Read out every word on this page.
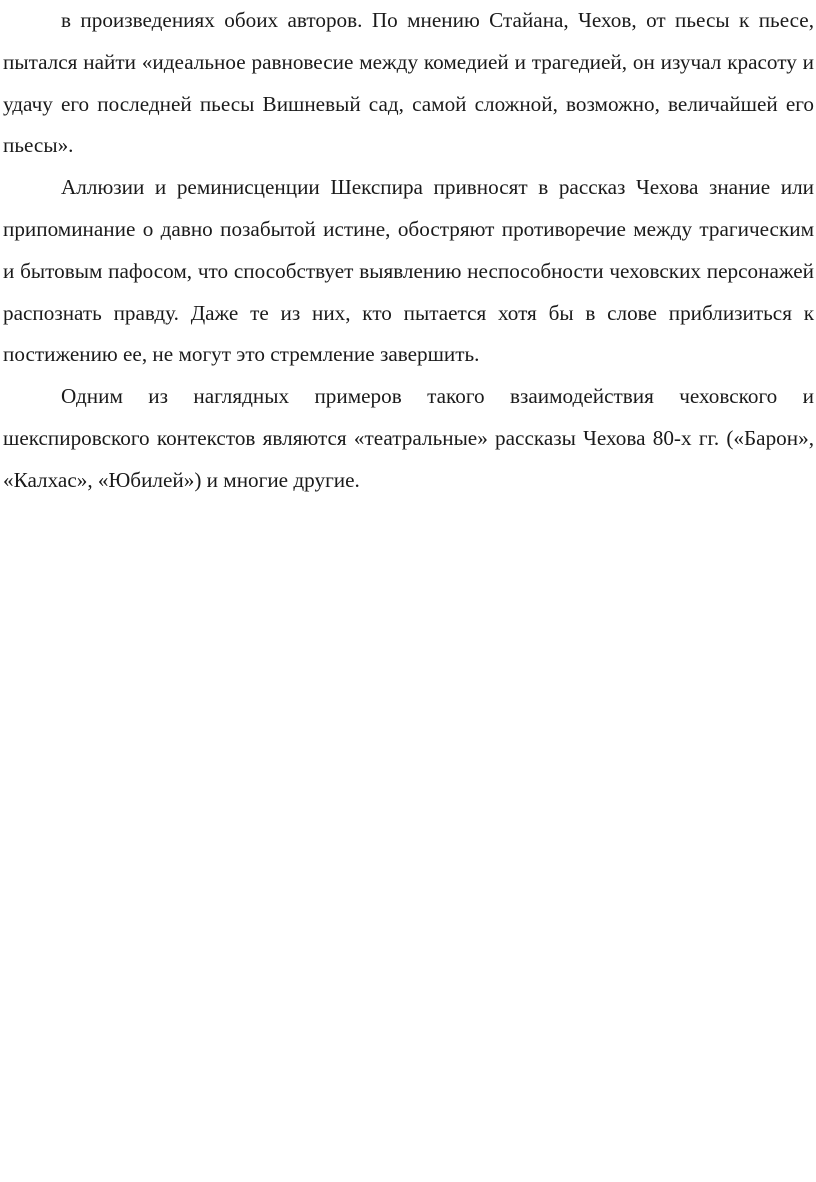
в произведениях обоих авторов. По мнению Стайана, Чехов, от пьесы к пьесе, пытался найти «идеальное равновесие между комедией и трагедией, он изучал красоту и удачу его последней пьесы Вишневый сад, самой сложной, возможно, величайшей его пьесы».

Аллюзии и реминисценции Шекспира привносят в рассказ Чехова знание или припоминание о давно позабытой истине, обостряют противоречие между трагическим и бытовым пафосом, что способствует выявлению неспособности чеховских персонажей распознать правду. Даже те из них, кто пытается хотя бы в слове приблизиться к постижению ее, не могут это стремление завершить.

Одним из наглядных примеров такого взаимодействия чеховского и шекспировского контекстов являются «театральные» рассказы Чехова 80-х гг. («Барон», «Калхас», «Юбилей») и многие другие.
